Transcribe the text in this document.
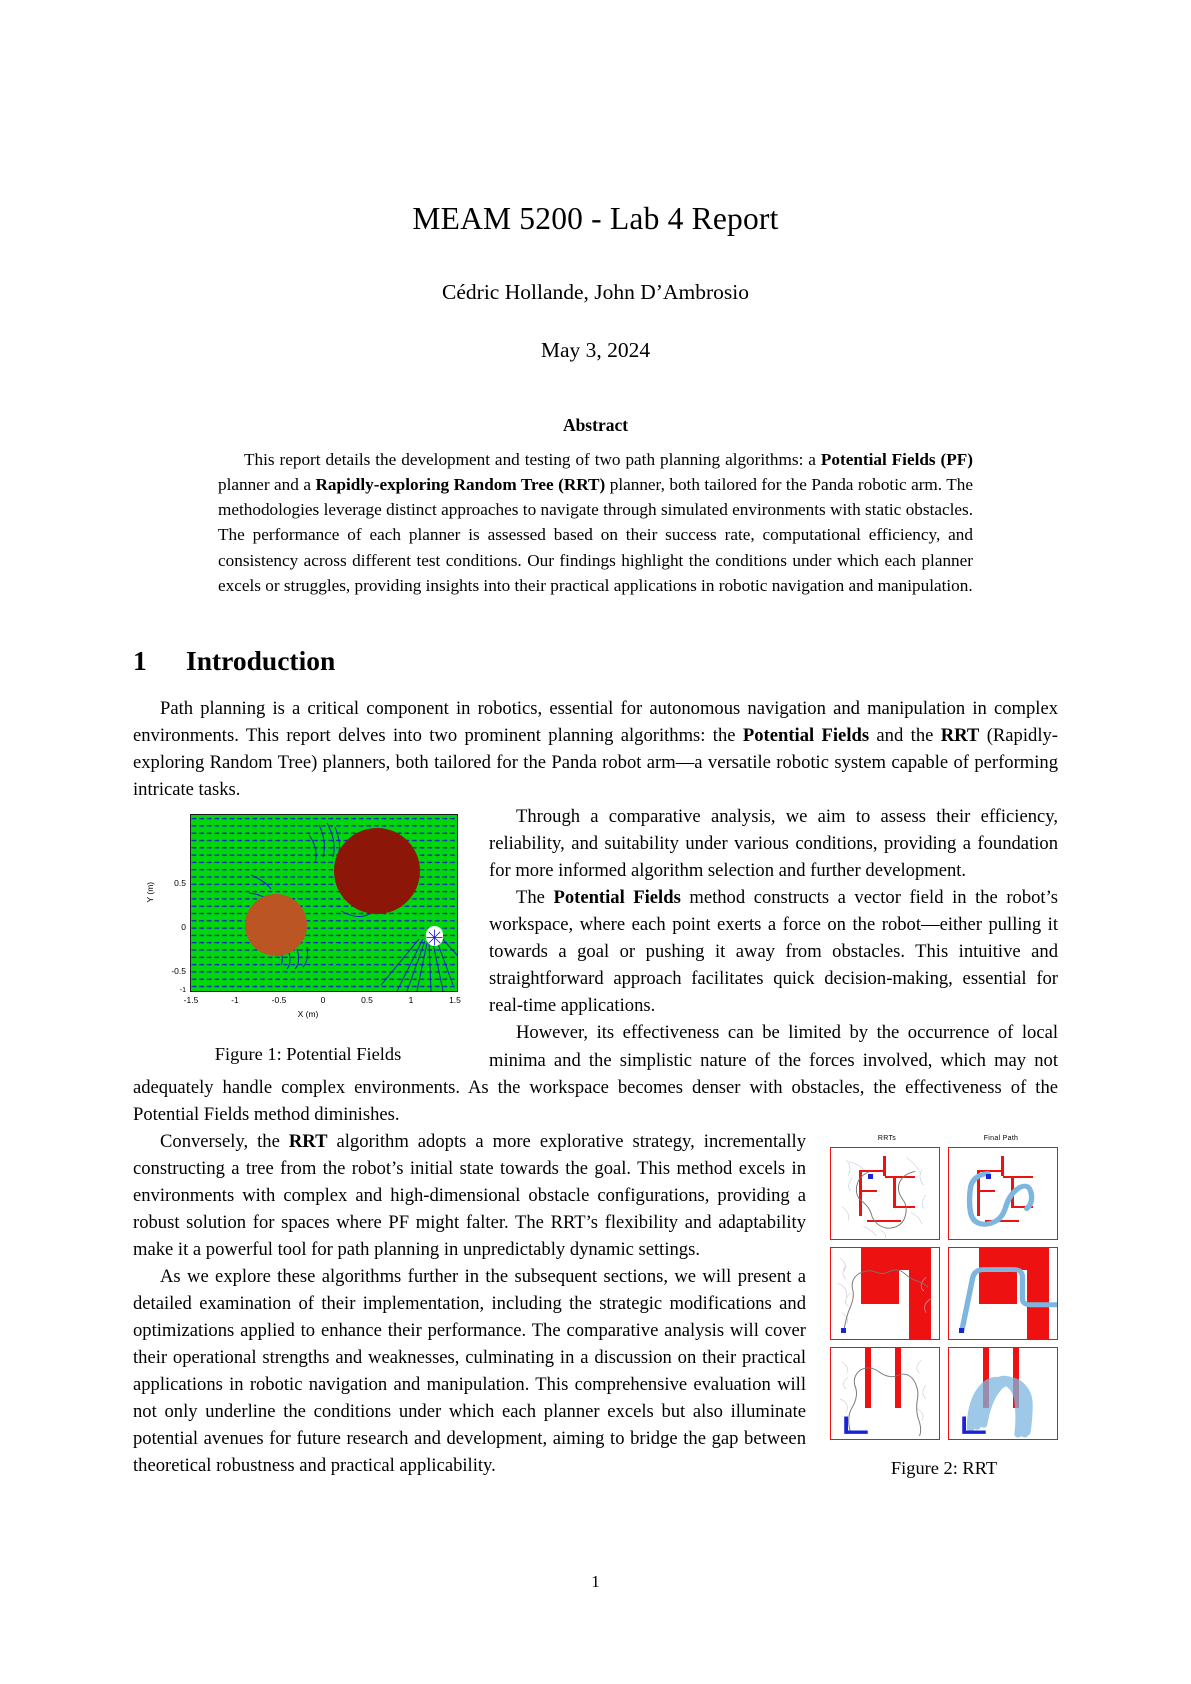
MEAM 5200 - Lab 4 Report
Cédric Hollande, John D’Ambrosio
May 3, 2024
Abstract
This report details the development and testing of two path planning algorithms: a Potential Fields (PF) planner and a Rapidly-exploring Random Tree (RRT) planner, both tailored for the Panda robotic arm. The methodologies leverage distinct approaches to navigate through simulated environments with static obstacles. The performance of each planner is assessed based on their success rate, computational efficiency, and consistency across different test conditions. Our findings highlight the conditions under which each planner excels or struggles, providing insights into their practical applications in robotic navigation and manipulation.
1	Introduction

Path planning is a critical component in robotics, essential for autonomous navigation and manipulation in complex environments. This report delves into two prominent planning algorithms: the Potential Fields and the RRT (Rapidly-exploring Random Tree) planners, both tailored for the Panda robot arm—a versatile robotic system capable of performing intricate tasks.

Y (m)	0.5
0
-0.5
-1
-1.5	-1	-0.5	0	0.5	1	1.5
X (m)
Figure 1: Potential Fields

Through a comparative analysis, we aim to assess their efficiency, reliability, and suitability under various conditions, providing a foundation for more informed algorithm selection and further development.

The Potential Fields method constructs a vector field in the robot’s workspace, where each point exerts a force on the robot—either pulling it towards a goal or pushing it away from obstacles. This intuitive and straightforward approach facilitates quick decision-making, essential for real-time applications.

However, its effectiveness can be limited by the occurrence of local minima and the simplistic nature of the forces involved, which may not adequately handle complex environments. As the workspace becomes denser with obstacles, the effectiveness of the Potential Fields method diminishes.

RRTs	Final Path
Figure 2: RRT

Conversely, the RRT algorithm adopts a more explorative strategy, incrementally constructing a tree from the robot’s initial state towards the goal. This method excels in environments with complex and high-dimensional obstacle configurations, providing a robust solution for spaces where PF might falter. The RRT’s flexibility and adaptability make it a powerful tool for path planning in unpredictably dynamic settings.

As we explore these algorithms further in the subsequent sections, we will present a detailed examination of their implementation, including the strategic modifications and optimizations applied to enhance their performance. The comparative analysis will cover their operational strengths and weaknesses, culminating in a discussion on their practical applications in robotic navigation and manipulation. This comprehensive evaluation will not only underline the conditions under which each planner excels but also illuminate potential avenues for future research and development, aiming to bridge the gap between theoretical robustness and practical applicability.

1
